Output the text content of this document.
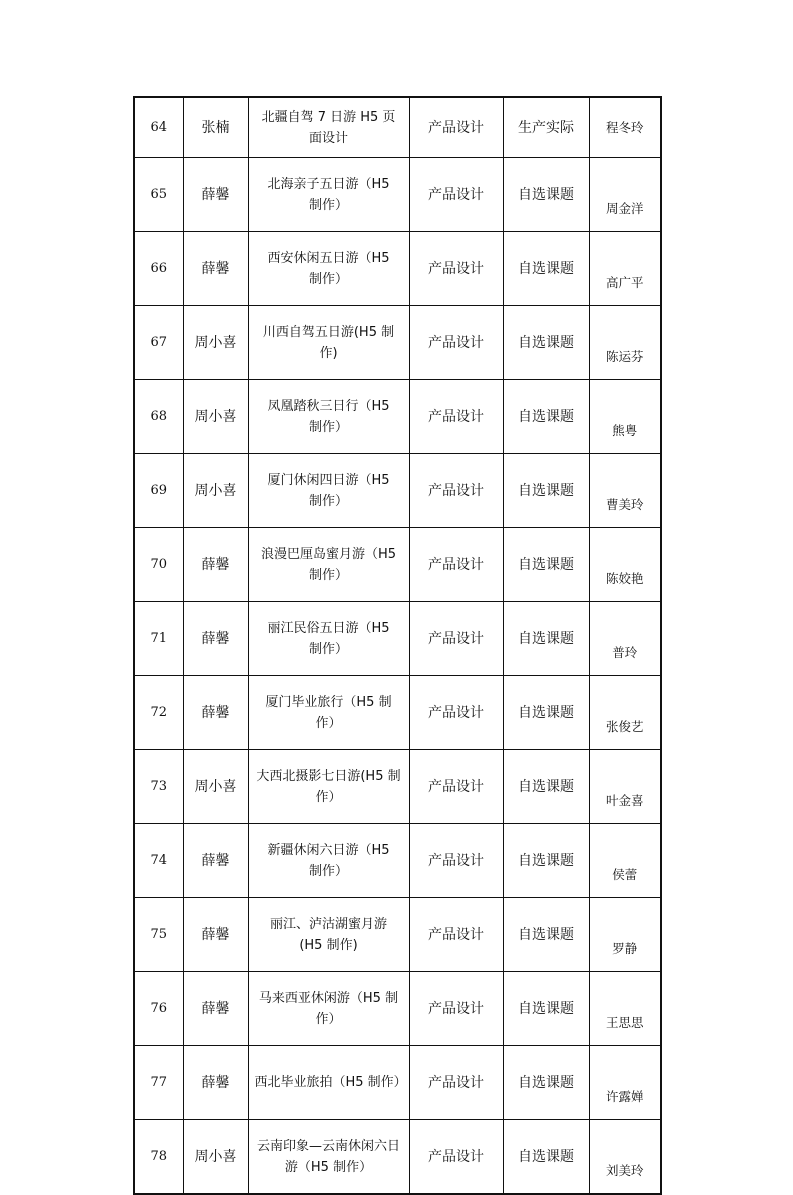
64	张楠	北疆自驾 7 日游 H5 页
面设计	产品设计	生产实际	程冬玲
65	薛馨	北海亲子五日游（H5
制作）	产品设计	自选课题	周金洋
66	薛馨	西安休闲五日游（H5
制作）	产品设计	自选课题	高广平
67	周小喜	川西自驾五日游(H5 制
作)	产品设计	自选课题	陈运芬
68	周小喜	凤凰踏秋三日行（H5
制作）	产品设计	自选课题	熊粤
69	周小喜	厦门休闲四日游（H5
制作）	产品设计	自选课题	曹美玲
70	薛馨	浪漫巴厘岛蜜月游（H5
制作）	产品设计	自选课题	陈姣艳
71	薛馨	丽江民俗五日游（H5
制作）	产品设计	自选课题	普玲
72	薛馨	厦门毕业旅行（H5 制
作）	产品设计	自选课题	张俊艺
73	周小喜	大西北摄影七日游(H5 制
作）	产品设计	自选课题	叶金喜
74	薛馨	新疆休闲六日游（H5
制作）	产品设计	自选课题	侯蕾
75	薛馨	丽江、泸沽湖蜜月游
(H5 制作)	产品设计	自选课题	罗静
76	薛馨	马来西亚休闲游（H5 制
作）	产品设计	自选课题	王思思
77	薛馨	西北毕业旅拍（H5 制作）	产品设计	自选课题	许露婵
78	周小喜	云南印象—云南休闲六日
游（H5 制作）	产品设计	自选课题	刘美玲
